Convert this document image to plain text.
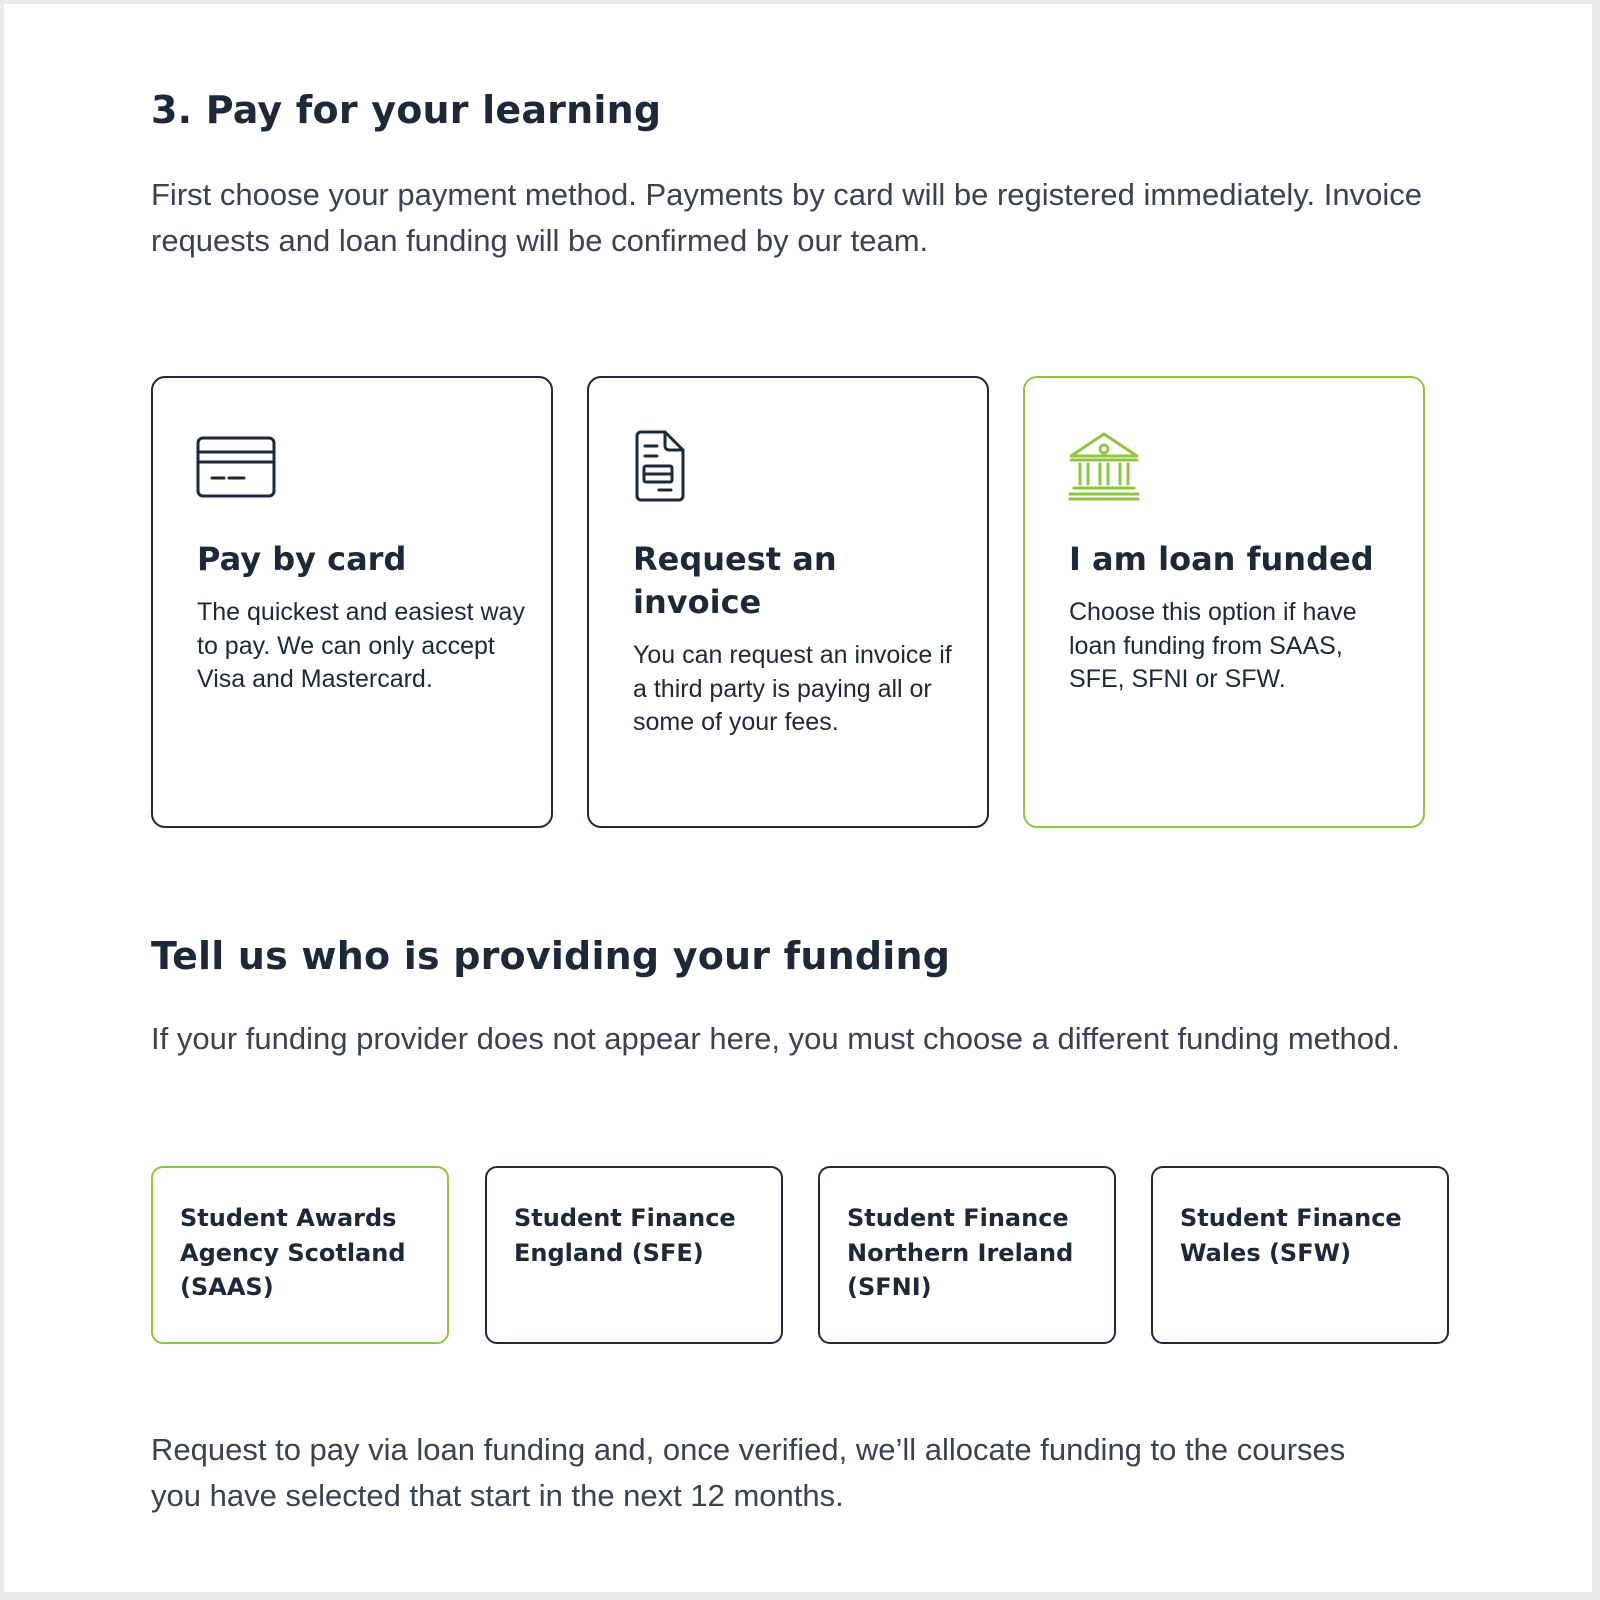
3. Pay for your learning

First choose your payment method. Payments by card will be registered immediately. Invoice requests and loan funding will be confirmed by our team.

Pay by card

The quickest and easiest way to pay. We can only accept Visa and Mastercard.

Request an invoice

You can request an invoice if a third party is paying all or some of your fees.

I am loan funded

Choose this option if have loan funding from SAAS, SFE, SFNI or SFW.

Tell us who is providing your funding

If your funding provider does not appear here, you must choose a different funding method.

Student Awards Agency Scotland (SAAS)
Student Finance England (SFE)
Student Finance Northern Ireland (SFNI)
Student Finance Wales (SFW)

Request to pay via loan funding and, once verified, we’ll allocate funding to the courses you have selected that start in the next 12 months.
